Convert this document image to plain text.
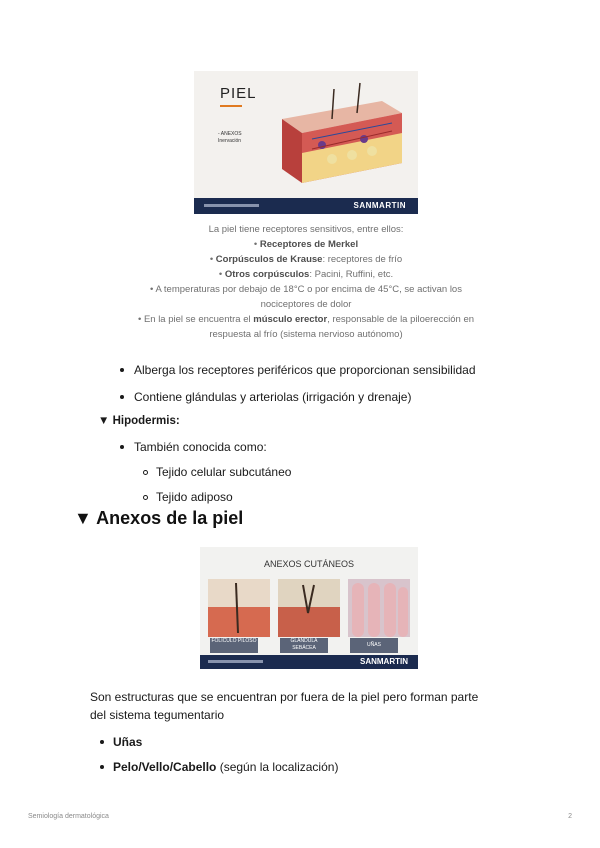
PIEL
- ANEXOS
Inervación
SANMARTIN
La piel tiene receptores sensitivos, entre ellos:
• Receptores de Merkel
• Corpúsculos de Krause: receptores de frío
• Otros corpúsculos: Pacini, Ruffini, etc.
• A temperaturas por debajo de 18°C o por encima de 45°C, se activan los
nociceptores de dolor
• En la piel se encuentra el músculo erector, responsable de la piloerección en
respuesta al frío (sistema nervioso autónomo)
Alberga los receptores periféricos que proporcionan sensibilidad
Contiene glándulas y arteriolas (irrigación y drenaje)
▼ Hipodermis:
También conocida como:
Tejido celular subcutáneo
Tejido adiposo
▼ Anexos de la piel
ANEXOS CUTÁNEOS
FOLÍCULO PILOSO	GLÁNDULA SEBÁCEA	UÑAS
SANMARTIN
Son estructuras que se encuentran por fuera de la piel pero forman parte
del sistema tegumentario
Uñas
Pelo/Vello/Cabello (según la localización)
Semiología dermatológica	2
